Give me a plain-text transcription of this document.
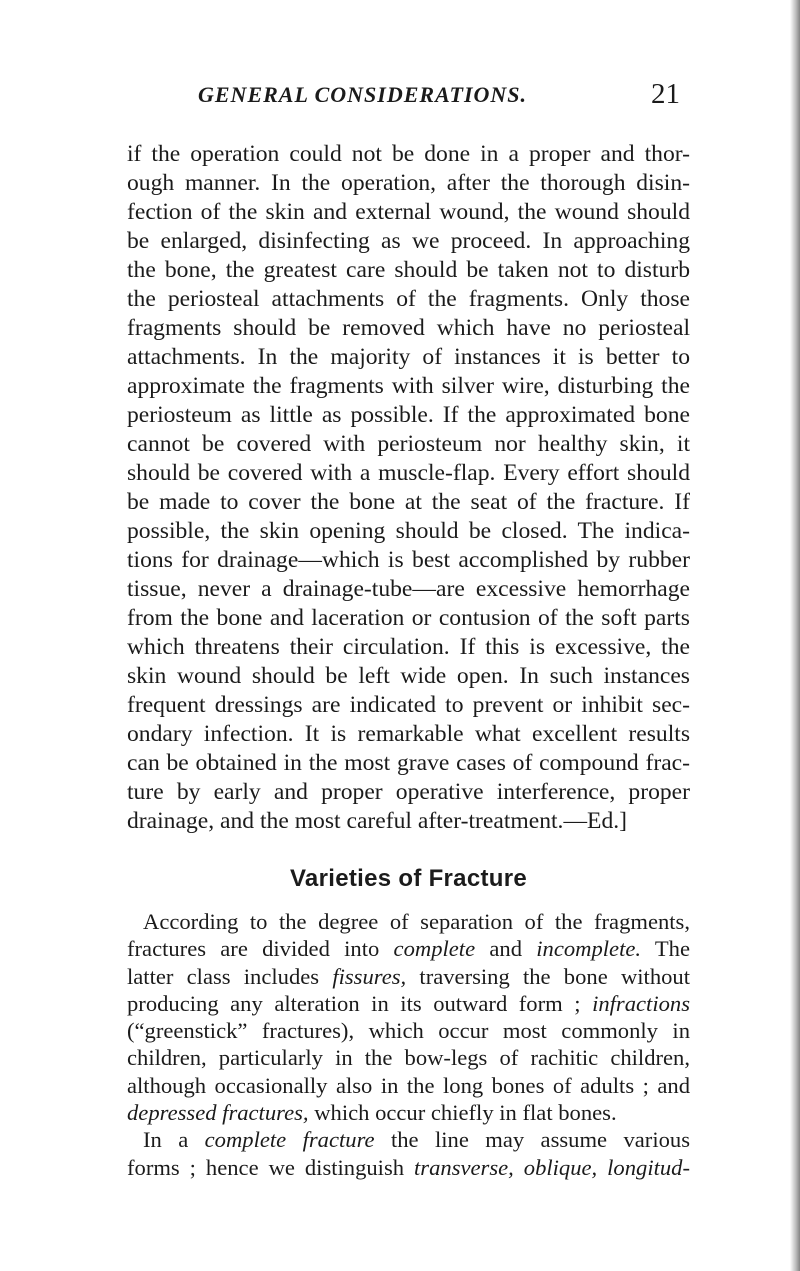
GENERAL CONSIDERATIONS.	21
if the operation could not be done in a proper and thor-
ough manner. In the operation, after the thorough disin-
fection of the skin and external wound, the wound should
be enlarged, disinfecting as we proceed. In approaching
the bone, the greatest care should be taken not to disturb
the periosteal attachments of the fragments. Only those
fragments should be removed which have no periosteal
attachments. In the majority of instances it is better to
approximate the fragments with silver wire, disturbing the
periosteum as little as possible. If the approximated bone
cannot be covered with periosteum nor healthy skin, it
should be covered with a muscle-flap. Every effort should
be made to cover the bone at the seat of the fracture. If
possible, the skin opening should be closed. The indica-
tions for drainage—which is best accomplished by rubber
tissue, never a drainage-tube—are excessive hemorrhage
from the bone and laceration or contusion of the soft parts
which threatens their circulation. If this is excessive, the
skin wound should be left wide open. In such instances
frequent dressings are indicated to prevent or inhibit sec-
ondary infection. It is remarkable what excellent results
can be obtained in the most grave cases of compound frac-
ture by early and proper operative interference, proper
drainage, and the most careful after-treatment.—Ed.]
Varieties of Fracture
According to the degree of separation of the fragments,
fractures are divided into complete and incomplete. The
latter class includes fissures, traversing the bone without
producing any alteration in its outward form ; infractions
(“greenstick” fractures), which occur most commonly in
children, particularly in the bow-legs of rachitic children,
although occasionally also in the long bones of adults ; and
depressed fractures, which occur chiefly in flat bones.
In a complete fracture the line may assume various
forms ; hence we distinguish transverse, oblique, longitud-
